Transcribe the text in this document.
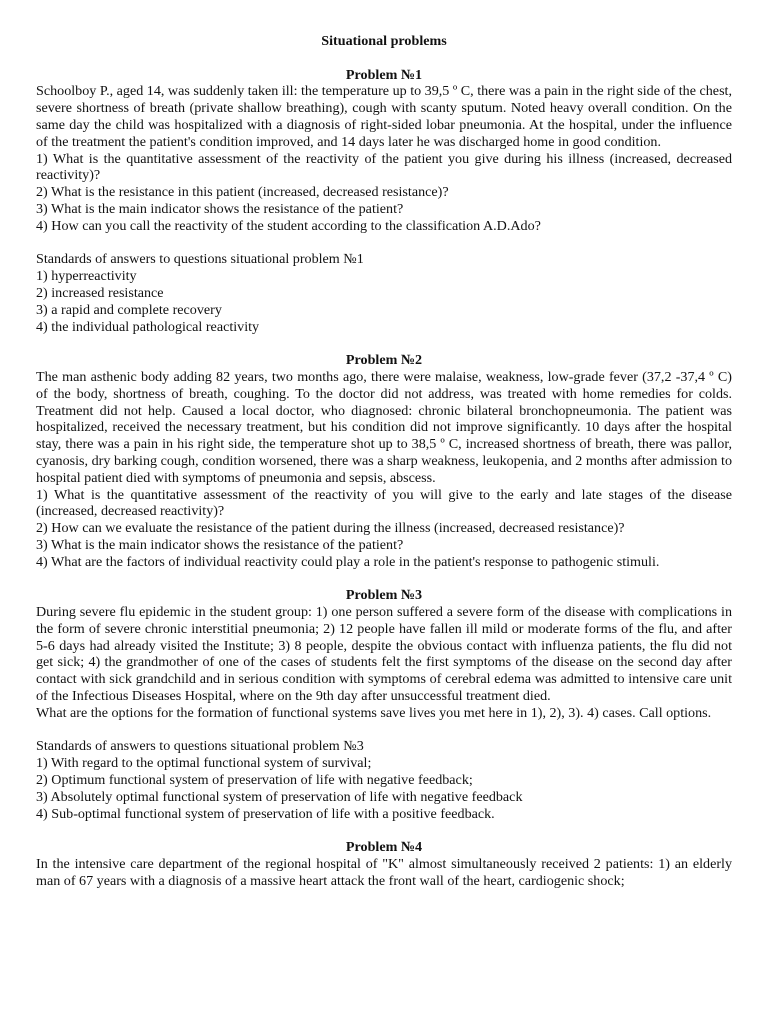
Situational problems

Problem №1

Schoolboy P., aged 14, was suddenly taken ill: the temperature up to 39,5 º C, there was a pain in the right side of the chest, severe shortness of breath (private shallow breathing), cough with scanty sputum. Noted heavy overall condition. On the same day the child was hospitalized with a diagnosis of right-sided lobar pneumonia. At the hospital, under the influence of the treatment the patient's condition improved, and 14 days later he was discharged home in good condition.

1) What is the quantitative assessment of the reactivity of the patient you give during his illness (increased, decreased reactivity)?

2) What is the resistance in this patient (increased, decreased resistance)?

3) What is the main indicator shows the resistance of the patient?

4) How can you call the reactivity of the student according to the classification A.D.Ado?

Standards of answers to questions situational problem №1

1) hyperreactivity

2) increased resistance

3) a rapid and complete recovery

4) the individual pathological reactivity

Problem №2

The man asthenic body adding 82 years, two months ago, there were malaise, weakness, low-grade fever (37,2 -37,4 º C) of the body, shortness of breath, coughing. To the doctor did not address, was treated with home remedies for colds. Treatment did not help. Caused a local doctor, who diagnosed: chronic bilateral bronchopneumonia. The patient was hospitalized, received the necessary treatment, but his condition did not improve significantly. 10 days after the hospital stay, there was a pain in his right side, the temperature shot up to 38,5 º C, increased shortness of breath, there was pallor, cyanosis, dry barking cough, condition worsened, there was a sharp weakness, leukopenia, and 2 months after admission to hospital patient died with symptoms of pneumonia and sepsis, abscess.

1) What is the quantitative assessment of the reactivity of you will give to the early and late stages of the disease (increased, decreased reactivity)?

2) How can we evaluate the resistance of the patient during the illness (increased, decreased resistance)?

3) What is the main indicator shows the resistance of the patient?

4) What are the factors of individual reactivity could play a role in the patient's response to pathogenic stimuli.

Problem №3

During severe flu epidemic in the student group: 1) one person suffered a severe form of the disease with complications in the form of severe chronic interstitial pneumonia; 2) 12 people have fallen ill mild or moderate forms of the flu, and after 5-6 days had already visited the Institute; 3) 8 people, despite the obvious contact with influenza patients, the flu did not get sick; 4) the grandmother of one of the cases of students felt the first symptoms of the disease on the second day after contact with sick grandchild and in serious condition with symptoms of cerebral edema was admitted to intensive care unit of the Infectious Diseases Hospital, where on the 9th day after unsuccessful treatment died.

What are the options for the formation of functional systems save lives you met here in 1), 2), 3). 4) cases. Call options.

Standards of answers to questions situational problem №3

1) With regard to the optimal functional system of survival;

2) Optimum functional system of preservation of life with negative feedback;

3) Absolutely optimal functional system of preservation of life with negative feedback

4) Sub-optimal functional system of preservation of life with a positive feedback.

Problem №4

In the intensive care department of the regional hospital of "K" almost simultaneously received 2 patients: 1) an elderly man of 67 years with a diagnosis of a massive heart attack the front wall of the heart, cardiogenic shock;
